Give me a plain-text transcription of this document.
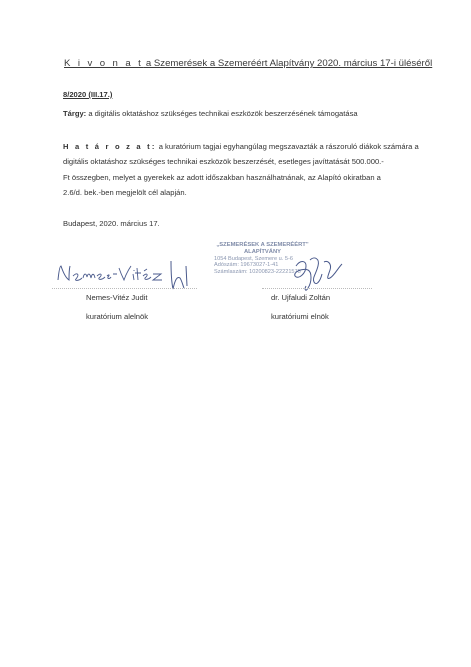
K i v o n a t a Szemerések a Szemeréért Alapítvány 2020. március 17-i üléséről
8/2020 (III.17.)
Tárgy: a digitális oktatáshoz szükséges technikai eszközök beszerzésének támogatása
H a t á r o z a t: a kuratórium tagjai egyhangúlag megszavazták a rászoruló diákok számára a
digitális oktatáshoz szükséges technikai eszközök beszerzését, esetleges javíttatását 500.000.-
Ft összegben, melyet a gyerekek az adott időszakban használhatnának, az Alapító okiratban a
2.6/d. bek.-ben megjelölt cél alapján.
Budapest, 2020. március 17.
„SZEMERÉSEK A SZEMERÉÉRT"
ALAPÍTVÁNY
1054 Budapest, Szemere u. 5-6
Adószám: 19673027-1-41
Számlaszám: 10200823-22221575
Nemes-Vitéz Judit
kuratórium alelnök
dr. Ujfaludi Zoltán
kuratóriumi elnök
